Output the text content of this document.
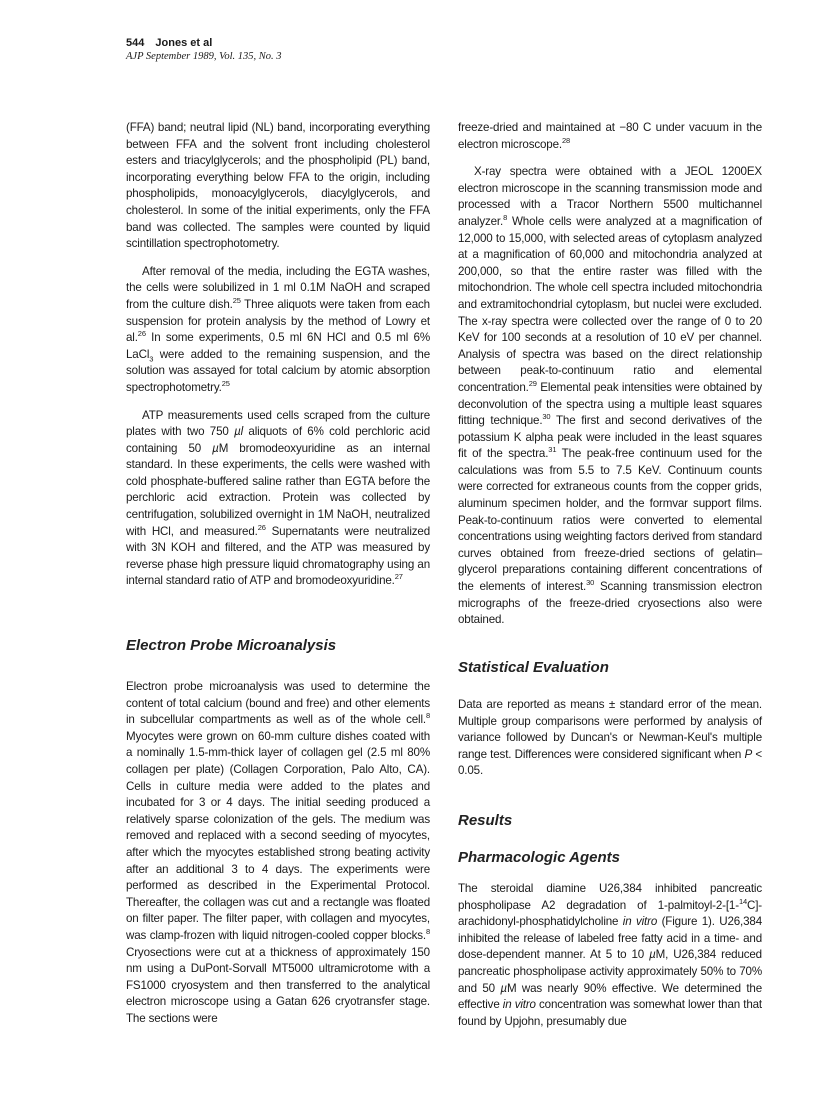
544 Jones et al
AJP September 1989, Vol. 135, No. 3

(FFA) band; neutral lipid (NL) band, incorporating everything between FFA and the solvent front including cholesterol esters and triacylglycerols; and the phospholipid (PL) band, incorporating everything below FFA to the origin, including phospholipids, monoacylglycerols, diacylglycerols, and cholesterol. In some of the initial experiments, only the FFA band was collected. The samples were counted by liquid scintillation spectrophotometry.

After removal of the media, including the EGTA washes, the cells were solubilized in 1 ml 0.1M NaOH and scraped from the culture dish.$^{25}$ Three aliquots were taken from each suspension for protein analysis by the method of Lowry et al.$^{26}$ In some experiments, 0.5 ml 6N HCl and 0.5 ml 6% LaCl$_3$ were added to the remaining suspension, and the solution was assayed for total calcium by atomic absorption spectrophotometry.$^{25}$

ATP measurements used cells scraped from the culture plates with two 750 µl aliquots of 6% cold perchloric acid containing 50 µM bromodeoxyuridine as an internal standard. In these experiments, the cells were washed with cold phosphate-buffered saline rather than EGTA before the perchloric acid extraction. Protein was collected by centrifugation, solubilized overnight in 1M NaOH, neutralized with HCl, and measured.$^{26}$ Supernatants were neutralized with 3N KOH and filtered, and the ATP was measured by reverse phase high pressure liquid chromatography using an internal standard ratio of ATP and bromodeoxyuridine.$^{27}$

Electron Probe Microanalysis

Electron probe microanalysis was used to determine the content of total calcium (bound and free) and other elements in subcellular compartments as well as of the whole cell.$^8$ Myocytes were grown on 60-mm culture dishes coated with a nominally 1.5-mm-thick layer of collagen gel (2.5 ml 80% collagen per plate) (Collagen Corporation, Palo Alto, CA). Cells in culture media were added to the plates and incubated for 3 or 4 days. The initial seeding produced a relatively sparse colonization of the gels. The medium was removed and replaced with a second seeding of myocytes, after which the myocytes established strong beating activity after an additional 3 to 4 days. The experiments were performed as described in the Experimental Protocol. Thereafter, the collagen was cut and a rectangle was floated on filter paper. The filter paper, with collagen and myocytes, was clamp-frozen with liquid nitrogen-cooled copper blocks.$^8$ Cryosections were cut at a thickness of approximately 150 nm using a DuPont-Sorvall MT5000 ultramicrotome with a FS1000 cryosystem and then transferred to the analytical electron microscope using a Gatan 626 cryotransfer stage. The sections were

freeze-dried and maintained at −80 C under vacuum in the electron microscope.$^{28}$

X-ray spectra were obtained with a JEOL 1200EX electron microscope in the scanning transmission mode and processed with a Tracor Northern 5500 multichannel analyzer.$^8$ Whole cells were analyzed at a magnification of 12,000 to 15,000, with selected areas of cytoplasm analyzed at a magnification of 60,000 and mitochondria analyzed at 200,000, so that the entire raster was filled with the mitochondrion. The whole cell spectra included mitochondria and extramitochondrial cytoplasm, but nuclei were excluded. The x-ray spectra were collected over the range of 0 to 20 KeV for 100 seconds at a resolution of 10 eV per channel. Analysis of spectra was based on the direct relationship between peak-to-continuum ratio and elemental concentration.$^{29}$ Elemental peak intensities were obtained by deconvolution of the spectra using a multiple least squares fitting technique.$^{30}$ The first and second derivatives of the potassium K alpha peak were included in the least squares fit of the spectra.$^{31}$ The peak-free continuum used for the calculations was from 5.5 to 7.5 KeV. Continuum counts were corrected for extraneous counts from the copper grids, aluminum specimen holder, and the formvar support films. Peak-to-continuum ratios were converted to elemental concentrations using weighting factors derived from standard curves obtained from freeze-dried sections of gelatin–glycerol preparations containing different concentrations of the elements of interest.$^{30}$ Scanning transmission electron micrographs of the freeze-dried cryosections also were obtained.

Statistical Evaluation

Data are reported as means ± standard error of the mean. Multiple group comparisons were performed by analysis of variance followed by Duncan's or Newman-Keul's multiple range test. Differences were considered significant when P < 0.05.

Results
Pharmacologic Agents

The steroidal diamine U26,384 inhibited pancreatic phospholipase A2 degradation of 1-palmitoyl-2-[1-$^{14}$C]-arachidonyl-phosphatidylcholine in vitro (Figure 1). U26,384 inhibited the release of labeled free fatty acid in a time- and dose-dependent manner. At 5 to 10 µM, U26,384 reduced pancreatic phospholipase activity approximately 50% to 70% and 50 µM was nearly 90% effective. We determined the effective in vitro concentration was somewhat lower than that found by Upjohn, presumably due
